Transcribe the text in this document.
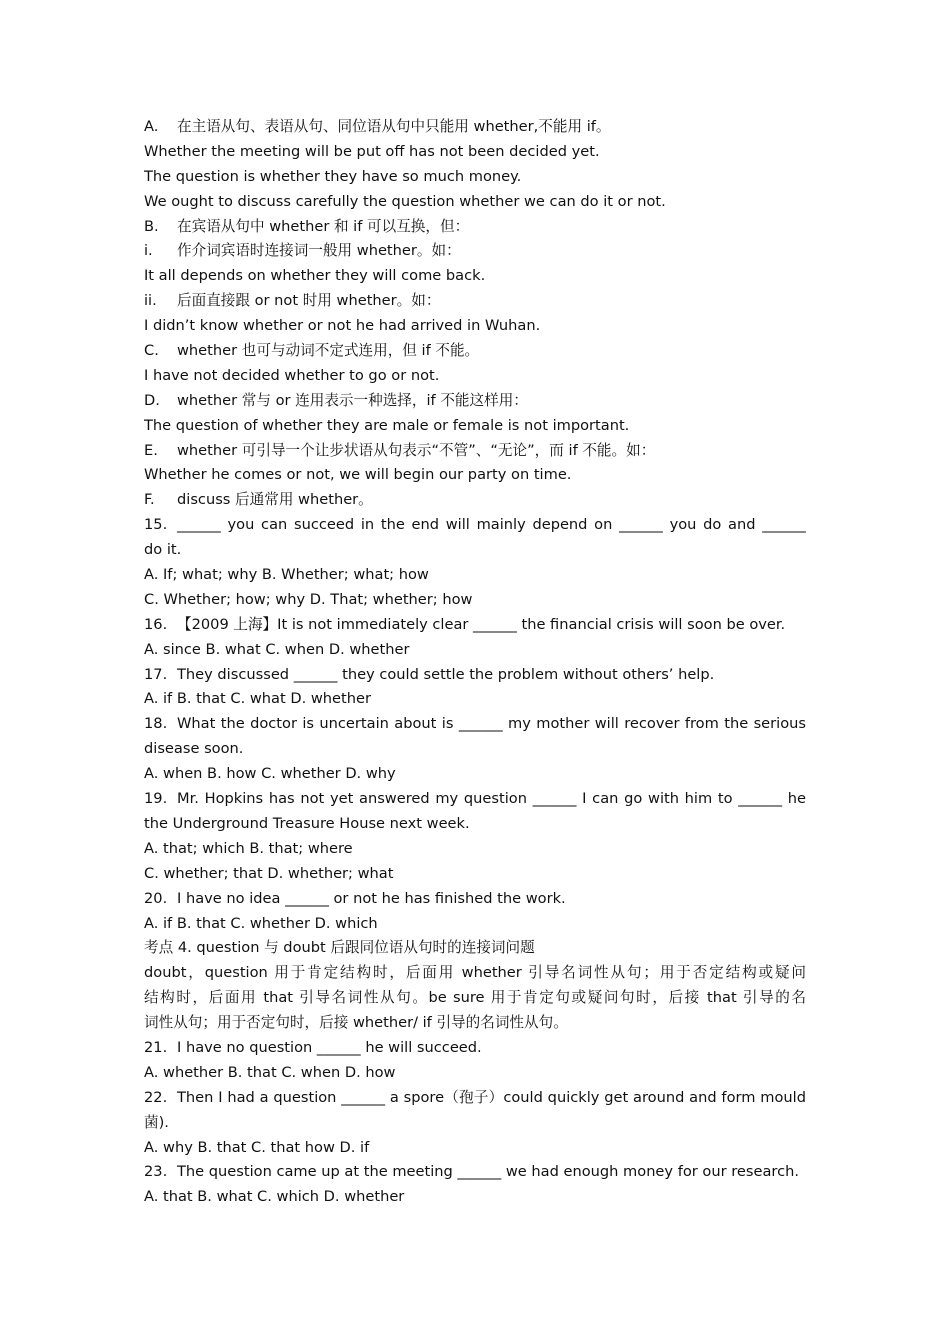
A. 在主语从句、表语从句、同位语从句中只能用 whether,不能用 if。
Whether the meeting will be put off has not been decided yet.
The question is whether they have so much money.
We ought to discuss carefully the question whether we can do it or not.
B. 在宾语从句中 whether 和 if 可以互换，但：
i. 作介词宾语时连接词一般用 whether。如：
It all depends on whether they will come back.
ii. 后面直接跟 or not 时用 whether。如：
I didn’t know whether or not he had arrived in Wuhan.
C. whether 也可与动词不定式连用，但 if 不能。
I have not decided whether to go or not.
D. whether 常与 or 连用表示一种选择，if 不能这样用：
The question of whether they are male or female is not important.
E. whether 可引导一个让步状语从句表示“不管”、“无论”，而 if 不能。如：
Whether he comes or not, we will begin our party on time.
F. discuss 后通常用 whether。
15. ______ you can succeed in the end will mainly depend on ______ you do and ______
do it.
A. If; what; why B. Whether; what; how
C. Whether; how; why D. That; whether; how
16. 【2009 上海】It is not immediately clear ______ the financial crisis will soon be over.
A. since B. what C. when D. whether
17. They discussed ______ they could settle the problem without others’ help.
A. if B. that C. what D. whether
18. What the doctor is uncertain about is ______ my mother will recover from the serious
disease soon.
A. when B. how C. whether D. why
19. Mr. Hopkins has not yet answered my question ______ I can go with him to ______ he
the Underground Treasure House next week.
A. that; which B. that; where
C. whether; that D. whether; what
20. I have no idea ______ or not he has finished the work.
A. if B. that C. whether D. which
考点 4. question 与 doubt 后跟同位语从句时的连接词问题
doubt，question 用于肯定结构时，后面用 whether 引导名词性从句；用于否定结构或疑问
结构时，后面用 that 引导名词性从句。be sure 用于肯定句或疑问句时，后接 that 引导的名
词性从句；用于否定句时，后接 whether/ if 引导的名词性从句。
21. I have no question ______ he will succeed.
A. whether B. that C. when D. how
22. Then I had a question ______ a spore（孢子）could quickly get around and form mould
菌).
A. why B. that C. that how D. if
23. The question came up at the meeting ______ we had enough money for our research.
A. that B. what C. which D. whether
